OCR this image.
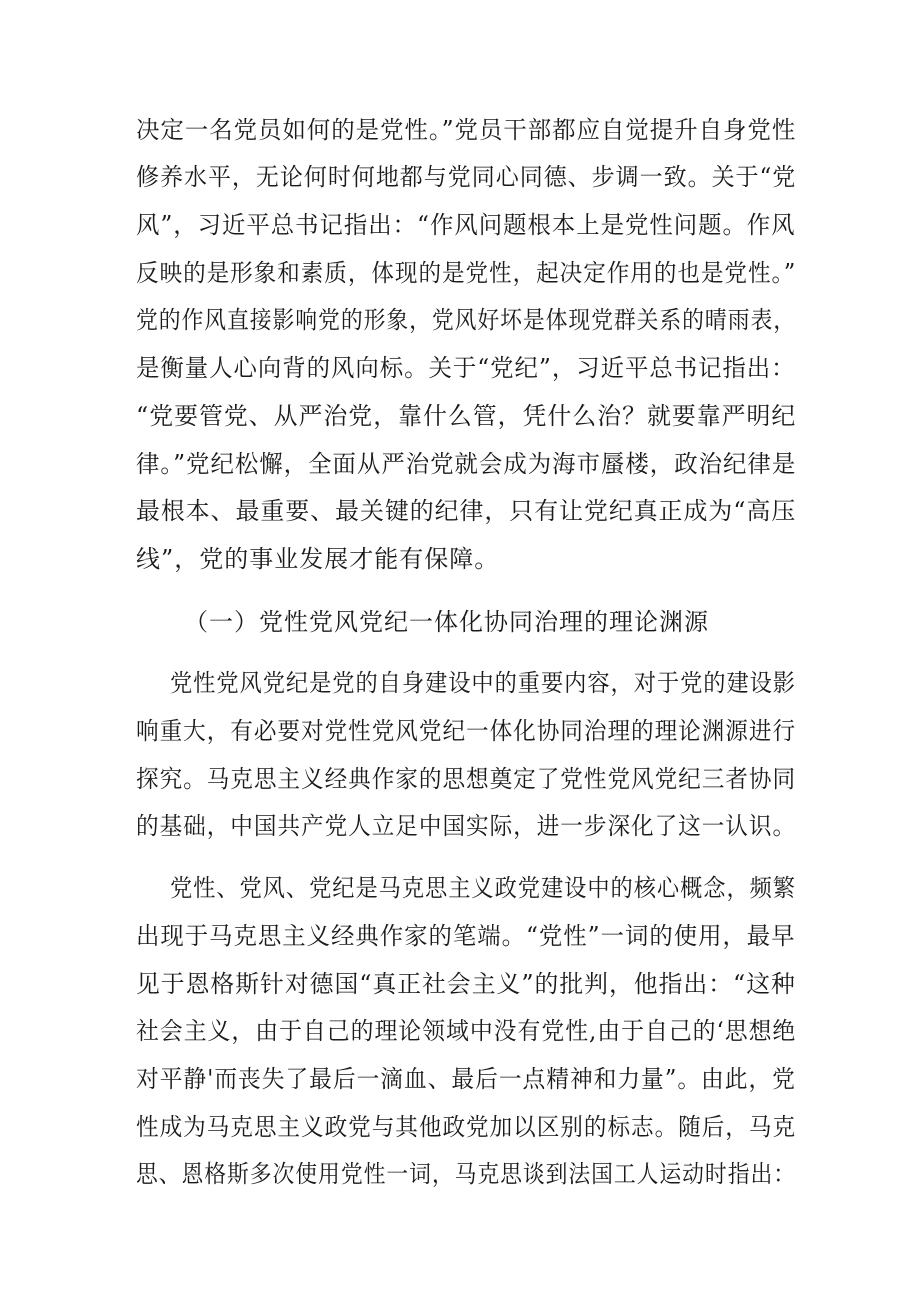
决定一名党员如何的是党性。”党员干部都应自觉提升自身党性
修养水平，无论何时何地都与党同心同德、步调一致。关于“党
风”，习近平总书记指出：“作风问题根本上是党性问题。作风
反映的是形象和素质，体现的是党性，起决定作用的也是党性。”
党的作风直接影响党的形象，党风好坏是体现党群关系的晴雨表，
是衡量人心向背的风向标。关于“党纪”，习近平总书记指出：
“党要管党、从严治党，靠什么管，凭什么治？就要靠严明纪
律。”党纪松懈，全面从严治党就会成为海市蜃楼，政治纪律是
最根本、最重要、最关键的纪律，只有让党纪真正成为“高压
线”，党的事业发展才能有保障。
（一）党性党风党纪一体化协同治理的理论渊源
党性党风党纪是党的自身建设中的重要内容，对于党的建设影
响重大，有必要对党性党风党纪一体化协同治理的理论渊源进行
探究。马克思主义经典作家的思想奠定了党性党风党纪三者协同
的基础，中国共产党人立足中国实际，进一步深化了这一认识。
党性、党风、党纪是马克思主义政党建设中的核心概念，频繁
出现于马克思主义经典作家的笔端。“党性”一词的使用，最早
见于恩格斯针对德国“真正社会主义”的批判，他指出：“这种
社会主义，由于自己的理论领域中没有党性,由于自己的‘思想绝
对平静'而丧失了最后一滴血、最后一点精神和力量”。由此，党
性成为马克思主义政党与其他政党加以区别的标志。随后，马克
思、恩格斯多次使用党性一词，马克思谈到法国工人运动时指出：
